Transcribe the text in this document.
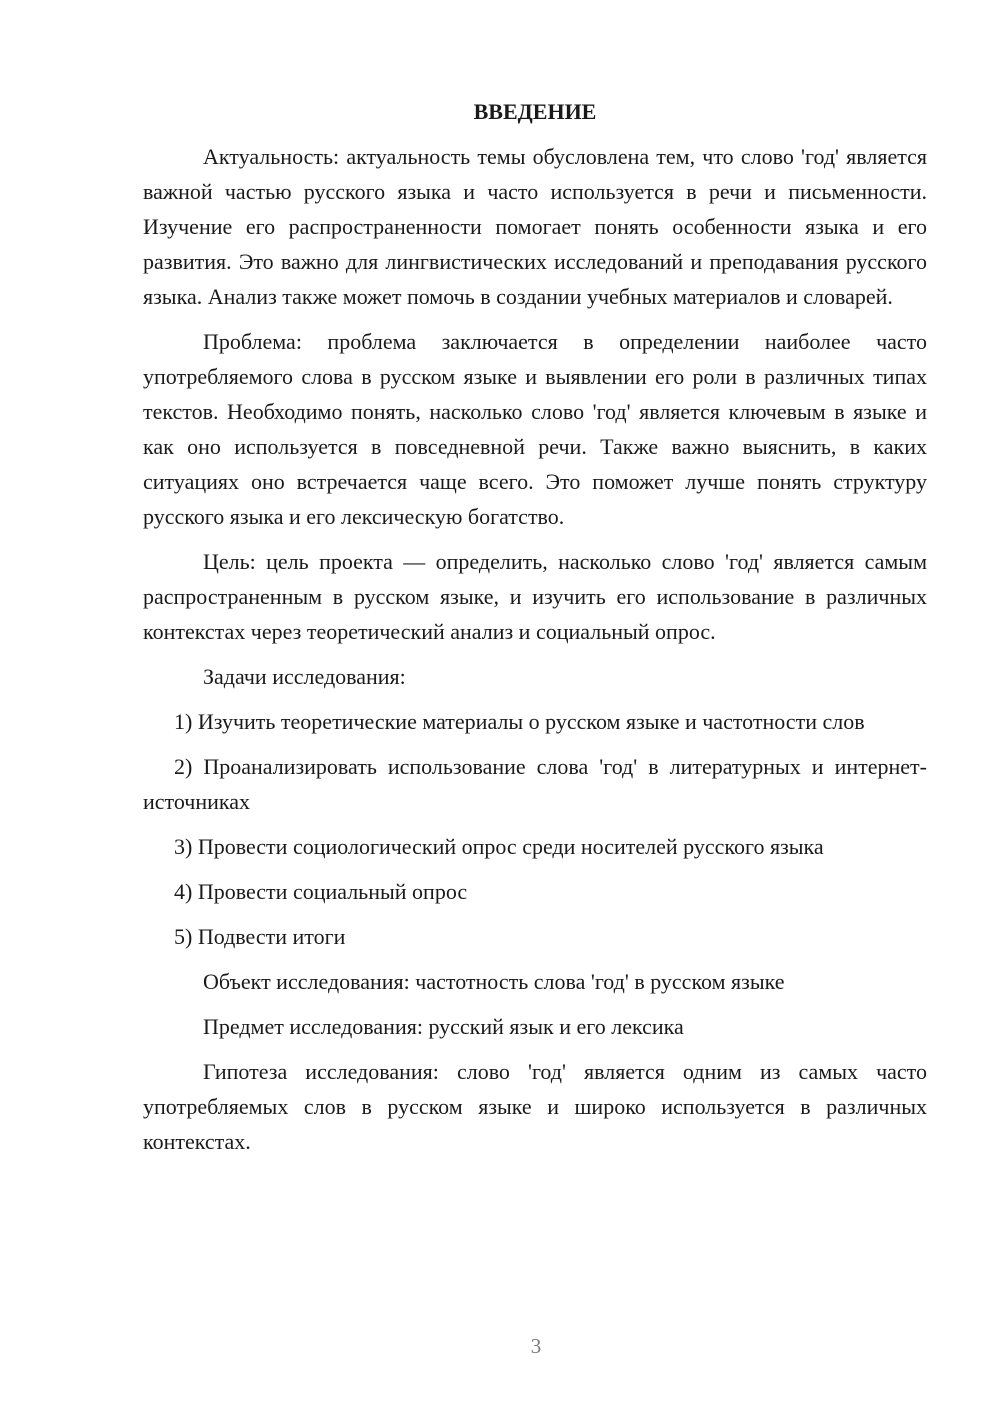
ВВЕДЕНИЕ

Актуальность: актуальность темы обусловлена тем, что слово 'год' является важной частью русского языка и часто используется в речи и письменности. Изучение его распространенности помогает понять особенности языка и его развития. Это важно для лингвистических исследований и преподавания русского языка. Анализ также может помочь в создании учебных материалов и словарей.

Проблема: проблема заключается в определении наиболее часто употребляемого слова в русском языке и выявлении его роли в различных типах текстов. Необходимо понять, насколько слово 'год' является ключевым в языке и как оно используется в повседневной речи. Также важно выяснить, в каких ситуациях оно встречается чаще всего. Это поможет лучше понять структуру русского языка и его лексическую богатство.

Цель: цель проекта — определить, насколько слово 'год' является самым распространенным в русском языке, и изучить его использование в различных контекстах через теоретический анализ и социальный опрос.

Задачи исследования:

1) Изучить теоретические материалы о русском языке и частотности слов

2) Проанализировать использование слова 'год' в литературных и интернет-источниках

3) Провести социологический опрос среди носителей русского языка

4) Провести социальный опрос

5) Подвести итоги

Объект исследования: частотность слова 'год' в русском языке

Предмет исследования: русский язык и его лексика

Гипотеза исследования: слово 'год' является одним из самых часто употребляемых слов в русском языке и широко используется в различных контекстах.

3
